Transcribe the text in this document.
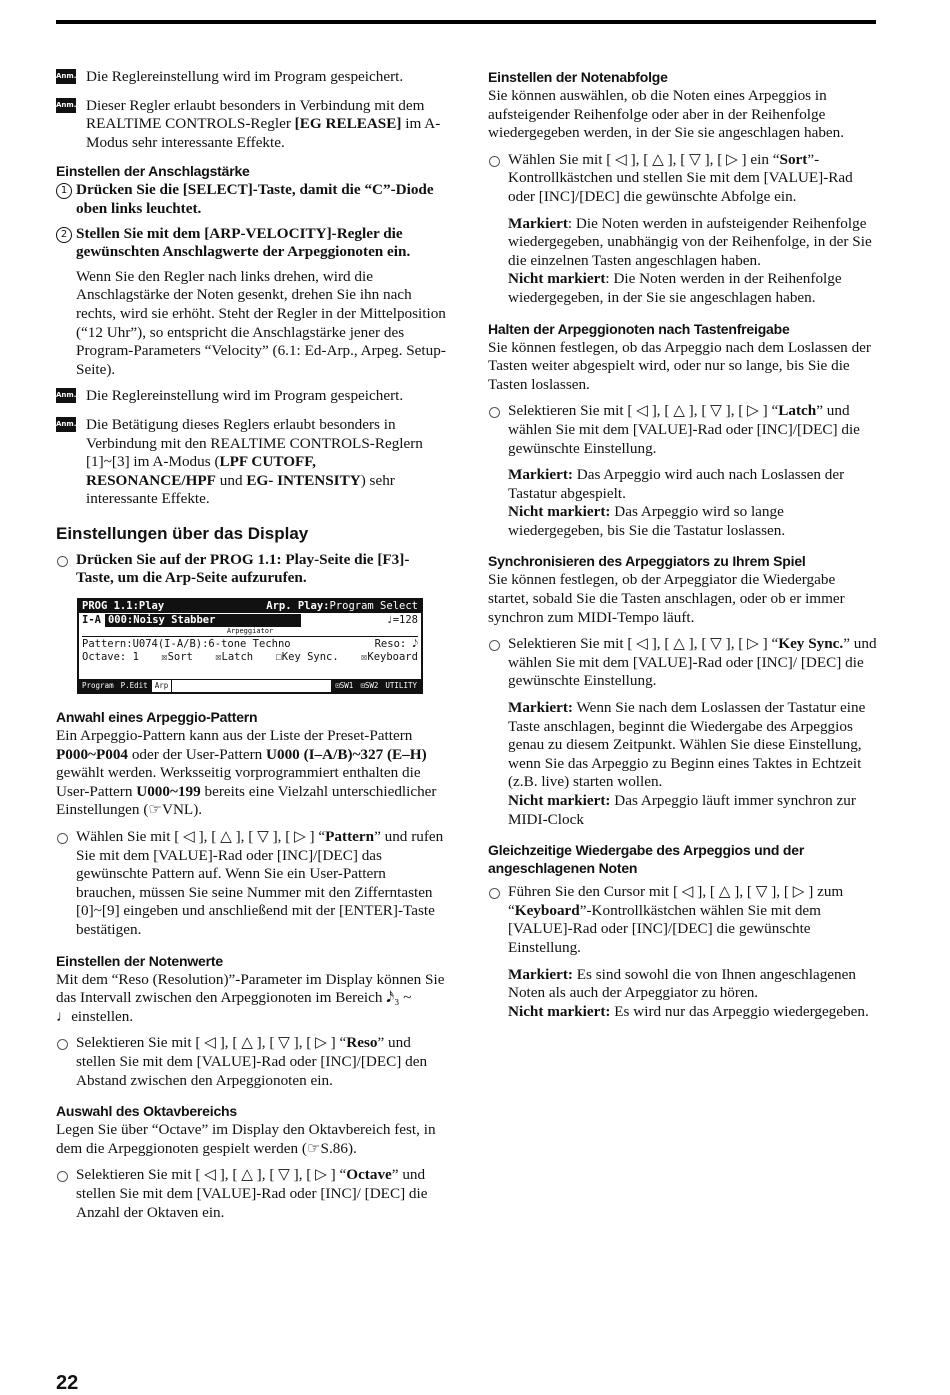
Anm. Die Reglereinstellung wird im Program gespeichert.
Anm. Dieser Regler erlaubt besonders in Verbindung mit dem REALTIME CONTROLS-Regler [EG RELEASE] im A-Modus sehr interessante Effekte.
Einstellen der Anschlagstärke
1 Drücken Sie die [SELECT]-Taste, damit die “C”-Diode oben links leuchtet.
2 Stellen Sie mit dem [ARP-VELOCITY]-Regler die gewünschten Anschlagwerte der Arpeggionoten ein.

Wenn Sie den Regler nach links drehen, wird die Anschlagstärke der Noten gesenkt, drehen Sie ihn nach rechts, wird sie erhöht. Steht der Regler in der Mittelposition (“12 Uhr”), so entspricht die Anschlagstärke jener des Program-Parameters “Velocity” (6.1: Ed-Arp., Arpeg. Setup-Seite).

Anm. Die Reglereinstellung wird im Program gespeichert.
Anm. Die Betätigung dieses Reglers erlaubt besonders in Verbindung mit den REALTIME CONTROLS-Reglern [1]~[3] im A-Modus (LPF CUTOFF, RESONANCE/HPF und EG- INTENSITY) sehr interessante Effekte.
Einstellungen über das Display
Drücken Sie auf der PROG 1.1: Play-Seite die [F3]-Taste, um die Arp-Seite aufzurufen.
PROG 1.1:Play	Arp. Play:Program Select
I-A 000:Noisy Stabber	♩=128
Arpeggiator
Pattern:U074(I-A/B):6-tone Techno	Reso: 𝅘𝅥𝅮
Octave: 1 ☒Sort ☒Latch ☐Key Sync. ☒Keyboard
Program P.Edit Arp	⊡SW1 ⊡SW2 UTILITY
Anwahl eines Arpeggio-Pattern

Ein Arpeggio-Pattern kann aus der Liste der Preset-Pattern P000~P004 oder der User-Pattern U000 (I–A/B)~327 (E–H) gewählt werden. Werksseitig vorprogrammiert enthalten die User-Pattern U000~199 bereits eine Vielzahl unterschiedlicher Einstellungen (☞VNL).

Wählen Sie mit [ ◁ ], [ △ ], [ ▽ ], [ ▷ ] “Pattern” und rufen Sie mit dem [VALUE]-Rad oder [INC]/[DEC] das gewünschte Pattern auf. Wenn Sie ein User-Pattern brauchen, müssen Sie seine Nummer mit den Zifferntasten [0]~[9] eingeben und anschließend mit der [ENTER]-Taste bestätigen.
Einstellen der Notenwerte

Mit dem “Reso (Resolution)”-Parameter im Display können Sie das Intervall zwischen den Arpeggionoten im Bereich 𝅘𝅥𝅯₃ ~ ♩einstellen.

Selektieren Sie mit [ ◁ ], [ △ ], [ ▽ ], [ ▷ ] “Reso” und stellen Sie mit dem [VALUE]-Rad oder [INC]/[DEC] den Abstand zwischen den Arpeggionoten ein.
Auswahl des Oktavbereichs

Legen Sie über “Octave” im Display den Oktavbereich fest, in dem die Arpeggionoten gespielt werden (☞S.86).

Selektieren Sie mit [ ◁ ], [ △ ], [ ▽ ], [ ▷ ] “Octave” und stellen Sie mit dem [VALUE]-Rad oder [INC]/ [DEC] die Anzahl der Oktaven ein.
Einstellen der Notenabfolge

Sie können auswählen, ob die Noten eines Arpeggios in aufsteigender Reihenfolge oder aber in der Reihenfolge wiedergegeben werden, in der Sie sie angeschlagen haben.

Wählen Sie mit [ ◁ ], [ △ ], [ ▽ ], [ ▷ ] ein “Sort”-Kontrollkästchen und stellen Sie mit dem [VALUE]-Rad oder [INC]/[DEC] die gewünschte Abfolge ein.

Markiert: Die Noten werden in aufsteigender Reihenfolge wiedergegeben, unabhängig von der Reihenfolge, in der Sie die einzelnen Tasten angeschlagen haben.

Nicht markiert: Die Noten werden in der Reihenfolge wiedergegeben, in der Sie sie angeschlagen haben.

Halten der Arpeggionoten nach Tastenfreigabe

Sie können festlegen, ob das Arpeggio nach dem Loslassen der Tasten weiter abgespielt wird, oder nur so lange, bis Sie die Tasten loslassen.

Selektieren Sie mit [ ◁ ], [ △ ], [ ▽ ], [ ▷ ] “Latch” und wählen Sie mit dem [VALUE]-Rad oder [INC]/[DEC] die gewünschte Einstellung.

Markiert: Das Arpeggio wird auch nach Loslassen der Tastatur abgespielt.

Nicht markiert: Das Arpeggio wird so lange wiedergegeben, bis Sie die Tastatur loslassen.

Synchronisieren des Arpeggiators zu Ihrem Spiel

Sie können festlegen, ob der Arpeggiator die Wiedergabe startet, sobald Sie die Tasten anschlagen, oder ob er immer synchron zum MIDI-Tempo läuft.

Selektieren Sie mit [ ◁ ], [ △ ], [ ▽ ], [ ▷ ] “Key Sync.” und wählen Sie mit dem [VALUE]-Rad oder [INC]/ [DEC] die gewünschte Einstellung.

Markiert: Wenn Sie nach dem Loslassen der Tastatur eine Taste anschlagen, beginnt die Wiedergabe des Arpeggios genau zu diesem Zeitpunkt. Wählen Sie diese Einstellung, wenn Sie das Arpeggio zu Beginn eines Taktes in Echtzeit (z.B. live) starten wollen.

Nicht markiert: Das Arpeggio läuft immer synchron zur MIDI-Clock

Gleichzeitige Wiedergabe des Arpeggios und der angeschlagenen Noten
Führen Sie den Cursor mit [ ◁ ], [ △ ], [ ▽ ], [ ▷ ] zum “Keyboard”-Kontrollkästchen wählen Sie mit dem [VALUE]-Rad oder [INC]/[DEC] die gewünschte Einstellung.

Markiert: Es sind sowohl die von Ihnen angeschlagenen Noten als auch der Arpeggiator zu hören.

Nicht markiert: Es wird nur das Arpeggio wiedergegeben.

22
